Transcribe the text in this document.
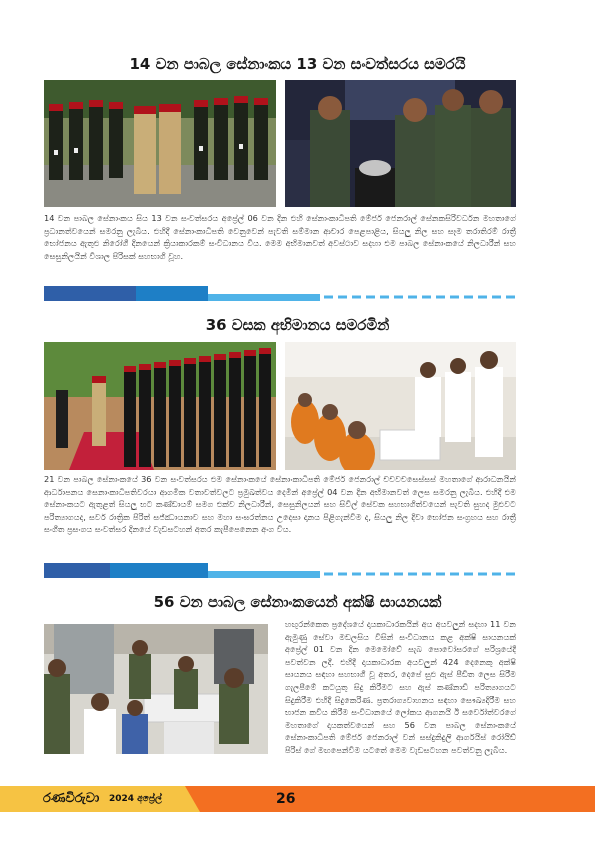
14 වන පාබල සේනාංකය 13 වන සංවත්සරය සමරයි
14 වන පාබල සේනාංකය සිය 13 වන සංවත්සරය අප්‍රේල් 06 වන දින එහි සේනාංකාධිපති මේජර් ජෙනරාල් සේනකසිරිවර්ධන මහතාගේ ප්‍රධානත්වයෙන් සමරනු ලැබීය. එහිදී සේනාංකාධිපති වෙනුවෙන් පැවති සම්මාන ආචාර පෙළපාළිය, සියලු නිල සහ සෑම තරාතිරම් රාත්‍රී භෝජනය ඇතුළු නිරෝගී දිනයෙන් ක්‍රියාකාරකම් සංවිධානය විය. මෙම අභිමානවත් අවස්ථාව සදහා එම පාබල සේනාංකයේ නිලධාරීන් සහ සෙසුනිලයින් විශාල පිරිසක් සහභාගි වූහ.
36 වසක අභිමානය සමරමින්
21 වන පාබල සේනාංකයේ 36 වන සංවත්සරය එම සේනාංකයේ සේනාංකාධිපති මේජර් ජෙනරාල් චචවචසෙස්සස් මහතාගේ ආරාධනයින් ආර්ධාපනය සෙනාංකාධිපතිවරයා ආගමික වතාවත්වලට ප්‍රමුඛත්වය දෙමින් අප්‍රේල් 04 වන දින අභිමානවත් ලෙස සමරනු ලැබීය. එහිදී එම සේනාංකයට ඇතුළත් සියලු භට කණ්ඩායම් සමග එක්ව නිලධාරීන්, සෙසුනිලයන් සහ සිවිල් සේවක සහභාගිත්වයෙන් පැවති සුහද මුළුවට පරිත්‍යාගයද, සර්ව රාත්‍රික පිරිත් සජ්ඣායනාව සහ මහා සංඝරත්නය උදෙසා දානය පිළිගැන්වීම ද, සියලු නිල දිවා භෝජන සංග්‍රහය සහ රාත්‍රී සංගීත ප්‍රසංගය සංවත්සර දිනයේ වැඩසටහන් අතර කැපීපෙනෙන අංග විය.
56 වන පාබල සේනාංකයෙන් අක්ෂි සායනයක්
හඟුරන්කෙත ප්‍රදේශයේ දායකාධාරකයින් අය අයවලුන් සදහා 11 වන ඇමුණු සේවා මඩලසිය විසින් සංවිධානය කළ අක්ෂි සායනයක් අප්‍රේල් 01 වන දින මෙමෝවේ සැබ පොවෝසරගේ පරිශ්‍රයේදී පවත්වන ලදී. එහිදී දායකාධාරක අයවලුන් 424 දෙනෙකු අක්ෂි සායනය සඳහා සහභාගී වූ අතර, දෙපේ සුළු ඇස් පීඩිත ලෙස සිරීම ගැලපීමේ කටයුතු සිදු කිරීමට සහ ඇස් කණ්නාඩි පරිත්‍යාගයට සිදුකිරීම එහිදී සිදුකෙරිණ. ප්‍රතරාග්‍යවාහනය සඳහා සෞඛ්‍යදිරීම සහ භාජන කවිය කිරීම සංවිධානයේ ලෝකය ආගනයි ඊ සර්වෝත්වරගේ මහතාගේ දායකත්වයෙන් සහ 56 වන පාබල සේනාංකයේ සේනාංකාධිපති මේජර් ජෙනරාල් වන් සස්දුකිදුලි ආර්ගයිස් රෝයිඩ් පිරිස් ගේ මඟපෙන්වීම යටතේ මෙම වැඩසටහන පවත්වනු ලැබීය.
රණවිරුවා 2024 අප්‍රේල්	26
